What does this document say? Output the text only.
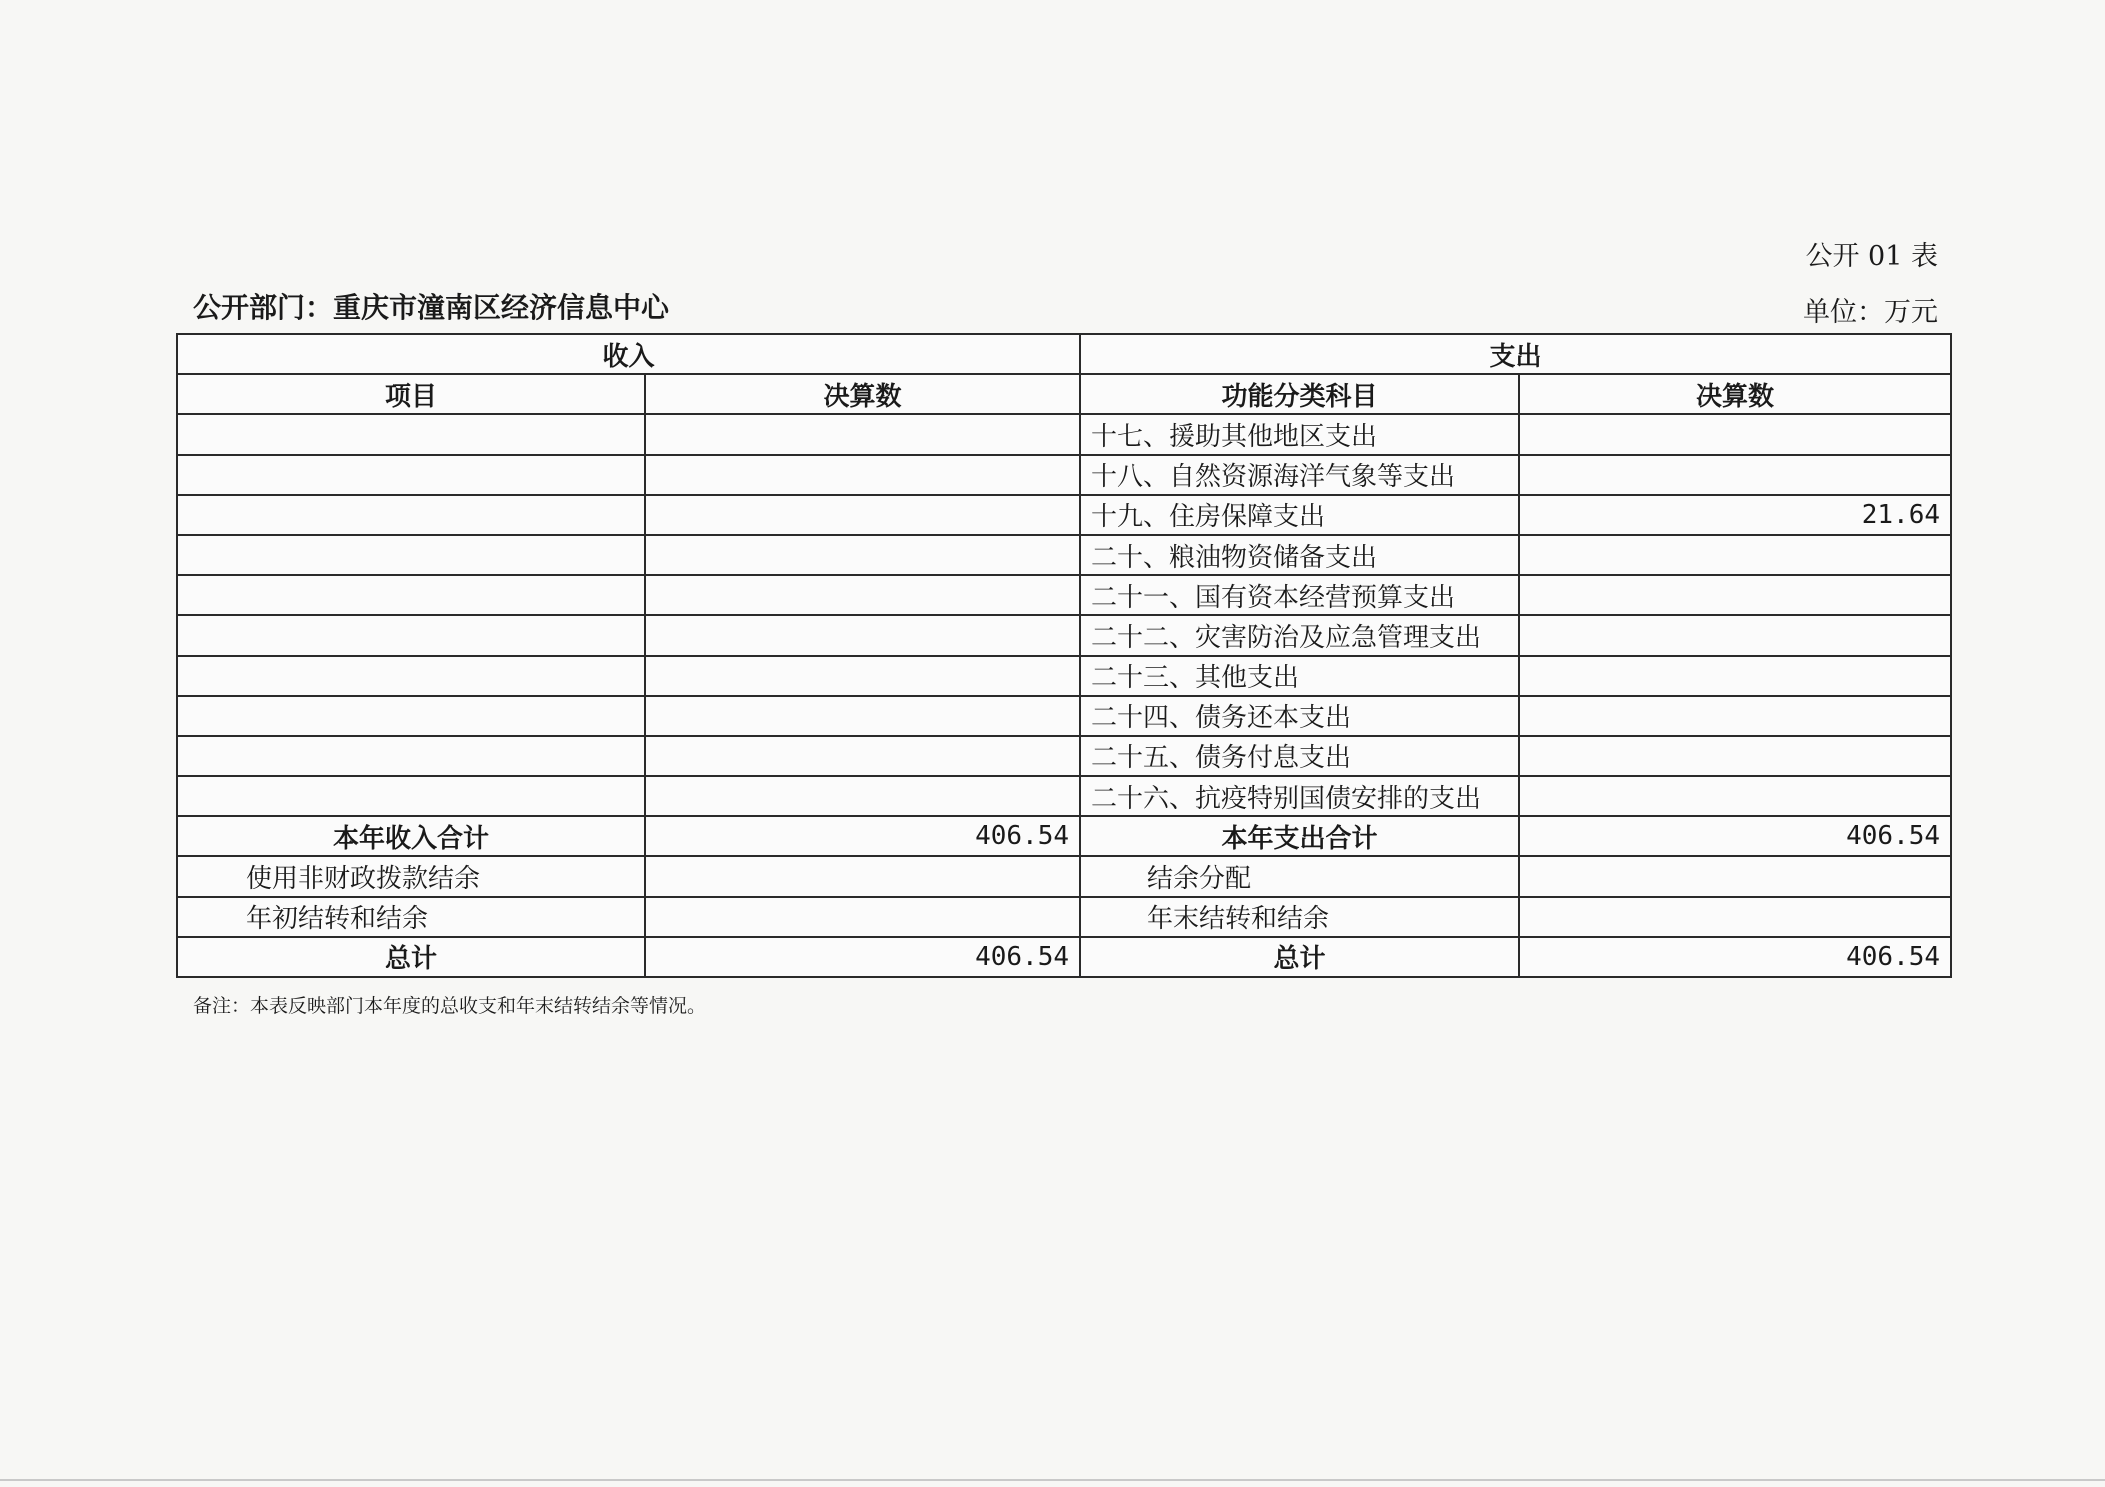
公开 01 表
公开部门：重庆市潼南区经济信息中心	单位：万元
收入		支出	
项目	决算数	功能分类科目	决算数
		十七、援助其他地区支出	
		十八、自然资源海洋气象等支出	
		十九、住房保障支出	21.64
		二十、粮油物资储备支出	
		二十一、国有资本经营预算支出	
		二十二、灾害防治及应急管理支出	
		二十三、其他支出	
		二十四、债务还本支出	
		二十五、债务付息支出	
		二十六、抗疫特别国债安排的支出	
本年收入合计	406.54	本年支出合计	406.54
使用非财政拨款结余		结余分配	
年初结转和结余		年末结转和结余	
总计	406.54	总计	406.54
备注：本表反映部门本年度的总收支和年末结转结余等情况。
